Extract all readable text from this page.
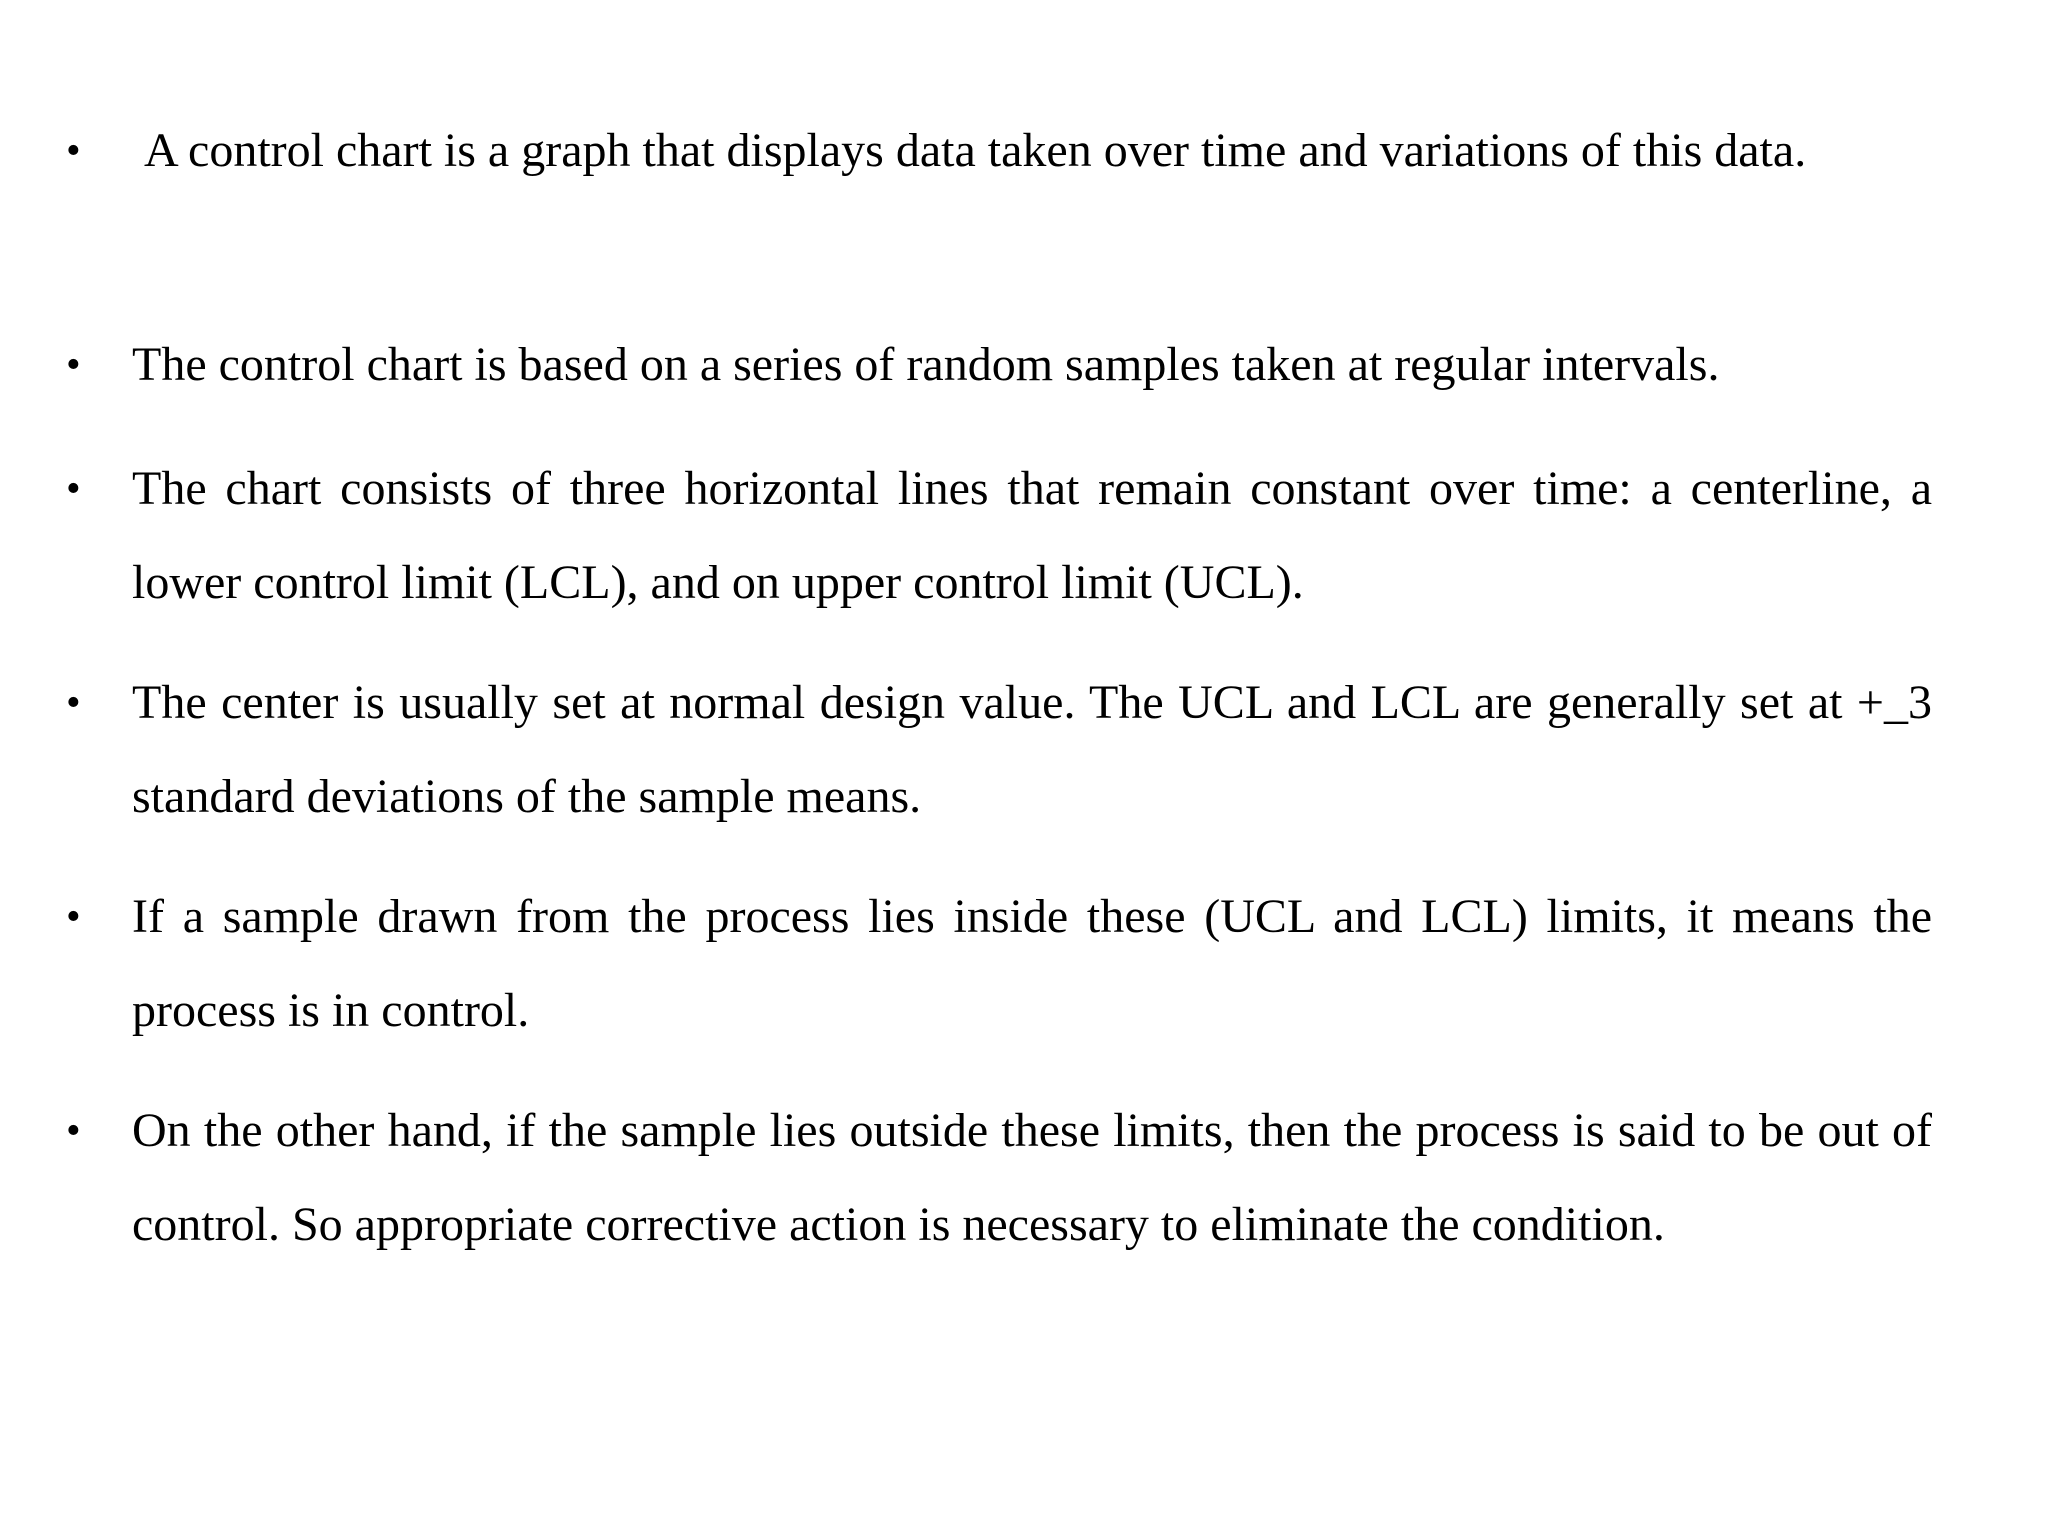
• A control chart is a graph that displays data taken over time and variations of this data.

• The control chart is based on a series of random samples taken at regular intervals.

• The chart consists of three horizontal lines that remain constant over time: a centerline, a lower control limit (LCL), and on upper control limit (UCL).

• The center is usually set at normal design value. The UCL and LCL are generally set at +_3 standard deviations of the sample means.

• If a sample drawn from the process lies inside these (UCL and LCL) limits, it means the process is in control.

• On the other hand, if the sample lies outside these limits, then the process is said to be out of control. So appropriate corrective action is necessary to eliminate the condition.
